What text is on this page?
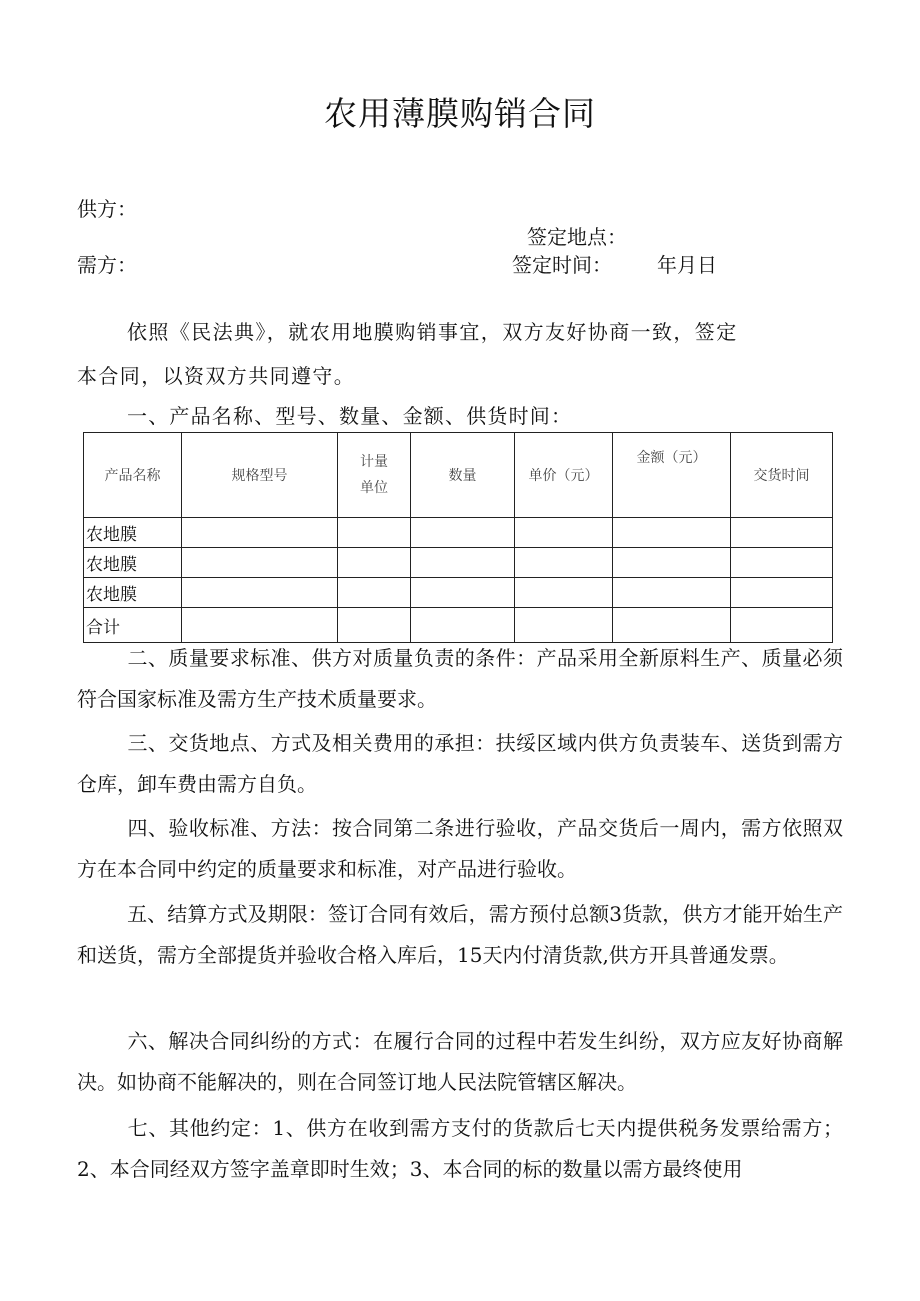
农用薄膜购销合同
供方：
签定地点：
需方：	签定时间： 年月日
依照《民法典》，就农用地膜购销事宜，双方友好协商一致，签定
本合同，以资双方共同遵守。
一、产品名称、型号、数量、金额、供货时间：
产品名称	规格型号	计量
单位	数量	单价（元）	金额（元）	交货时间
农地膜						
农地膜						
农地膜						
合计						
二、质量要求标准、供方对质量负责的条件：产品采用全新原料生产、质量必须符合国家标准及需方生产技术质量要求。
三、交货地点、方式及相关费用的承担：扶绥区域内供方负责装车、送货到需方仓库，卸车费由需方自负。
四、验收标准、方法：按合同第二条进行验收，产品交货后一周内，需方依照双方在本合同中约定的质量要求和标准，对产品进行验收。
五、结算方式及期限：签订合同有效后，需方预付总额3货款，供方才能开始生产和送货，需方全部提货并验收合格入库后，15天内付清货款,供方开具普通发票。
六、解决合同纠纷的方式：在履行合同的过程中若发生纠纷，双方应友好协商解决。如协商不能解决的，则在合同签订地人民法院管辖区解决。
七、其他约定：1、供方在收到需方支付的货款后七天内提供税务发票给需方；2、本合同经双方签字盖章即时生效；3、本合同的标的数量以需方最终使用
